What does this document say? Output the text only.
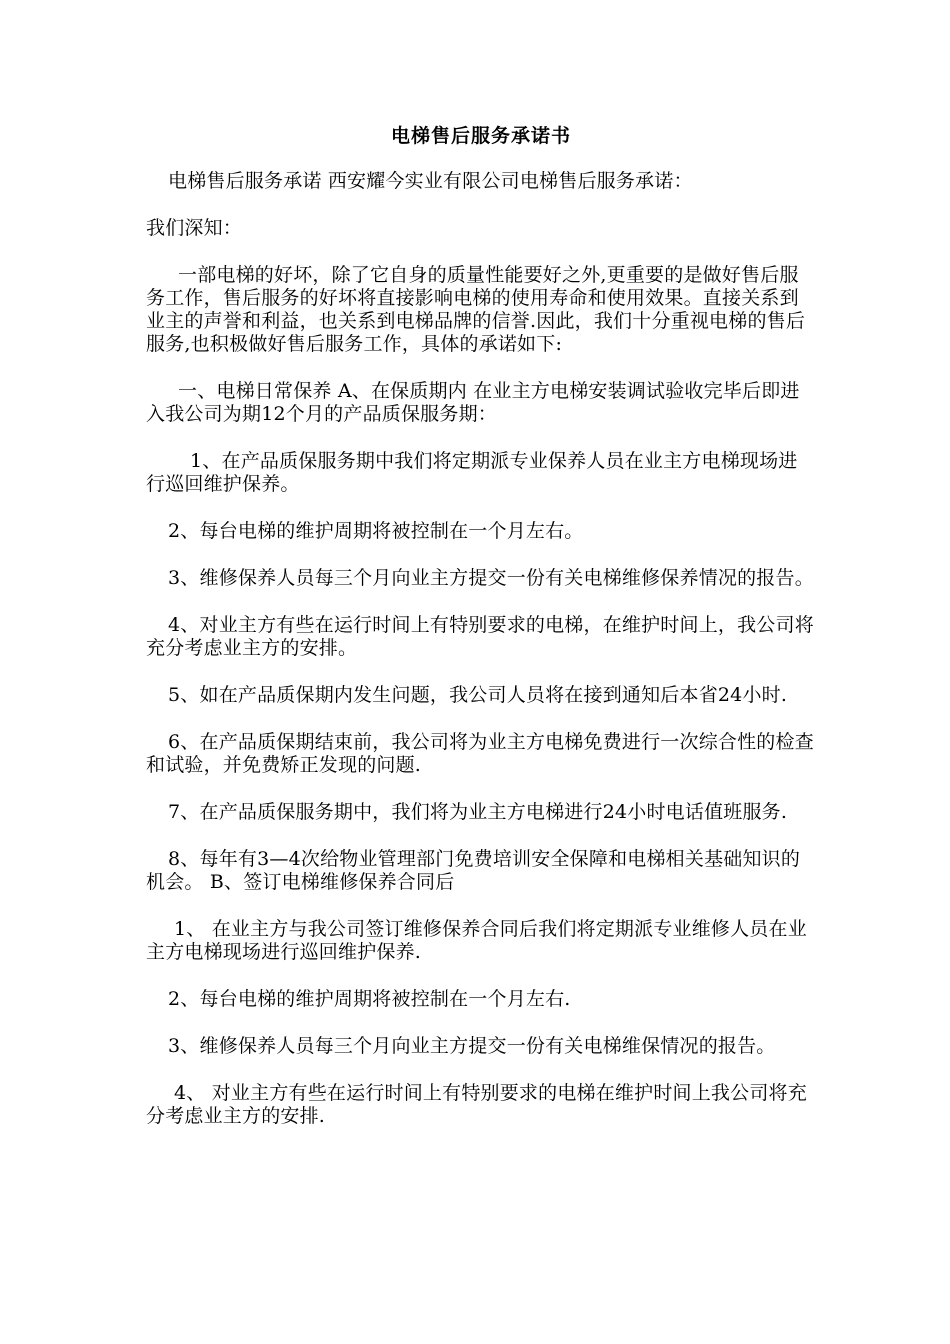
电梯售后服务承诺书

电梯售后服务承诺 西安耀今实业有限公司电梯售后服务承诺：

我们深知：

一部电梯的好坏，除了它自身的质量性能要好之外,更重要的是做好售后服务工作，售后服务的好坏将直接影响电梯的使用寿命和使用效果。直接关系到业主的声誉和利益，也关系到电梯品牌的信誉.因此，我们十分重视电梯的售后服务,也积极做好售后服务工作，具体的承诺如下:

一、电梯日常保养 A、在保质期内 在业主方电梯安装调试验收完毕后即进入我公司为期12个月的产品质保服务期：

1、在产品质保服务期中我们将定期派专业保养人员在业主方电梯现场进行巡回维护保养。

2、每台电梯的维护周期将被控制在一个月左右。

3、维修保养人员每三个月向业主方提交一份有关电梯维修保养情况的报告。

4、对业主方有些在运行时间上有特别要求的电梯，在维护时间上，我公司将充分考虑业主方的安排。

5、如在产品质保期内发生问题，我公司人员将在接到通知后本省24小时.

6、在产品质保期结束前，我公司将为业主方电梯免费进行一次综合性的检查和试验，并免费矫正发现的问题.

7、在产品质保服务期中，我们将为业主方电梯进行24小时电话值班服务.

8、每年有3—4次给物业管理部门免费培训安全保障和电梯相关基础知识的机会。 B、签订电梯维修保养合同后

1、 在业主方与我公司签订维修保养合同后我们将定期派专业维修人员在业主方电梯现场进行巡回维护保养.

2、每台电梯的维护周期将被控制在一个月左右.

3、维修保养人员每三个月向业主方提交一份有关电梯维保情况的报告。

4、 对业主方有些在运行时间上有特别要求的电梯在维护时间上我公司将充分考虑业主方的安排.
